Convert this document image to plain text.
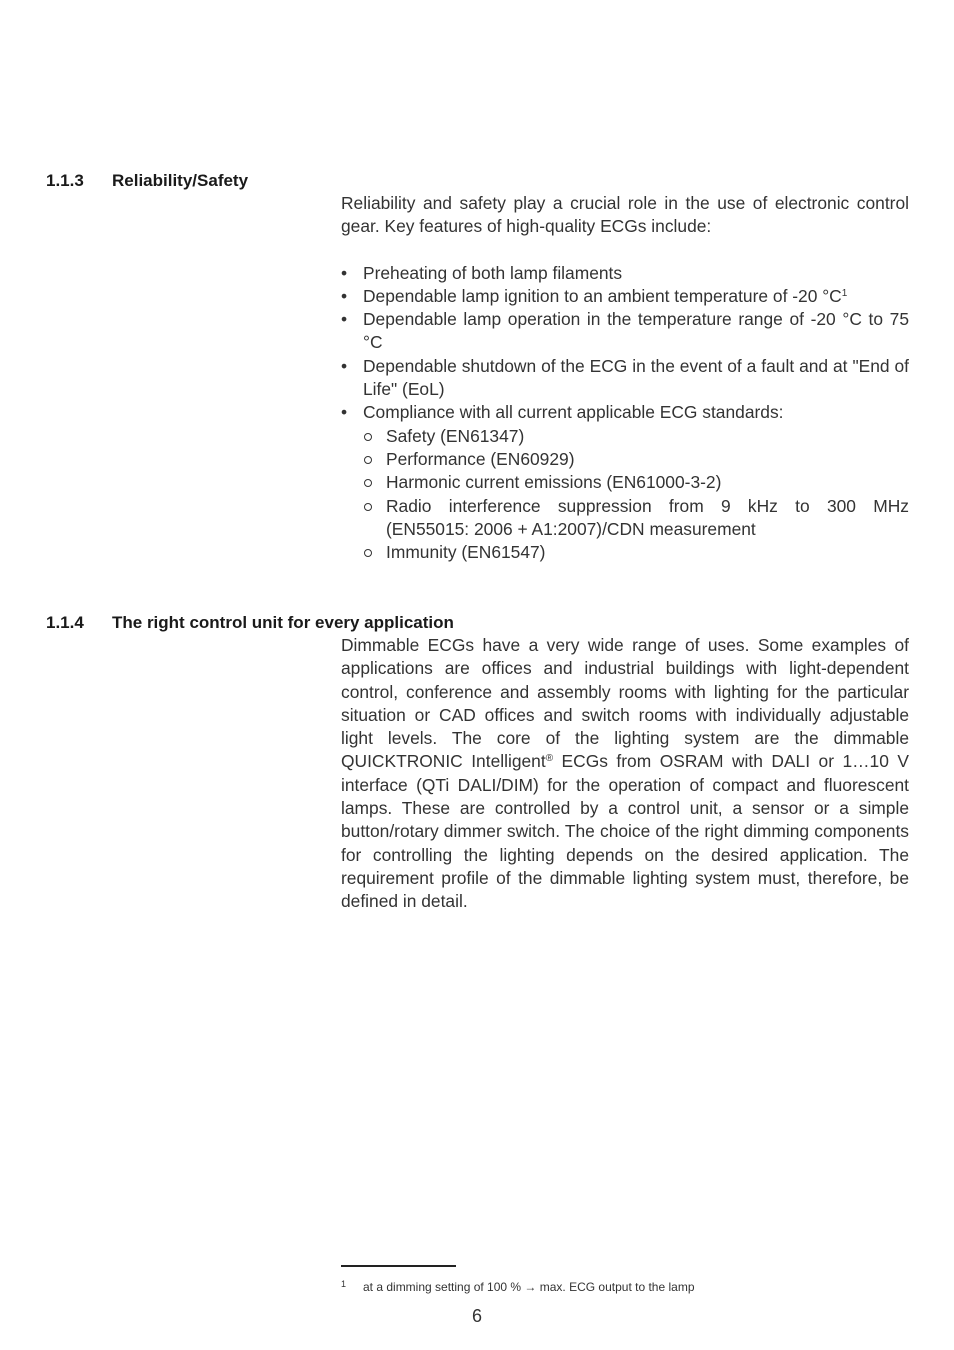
1.1.3 Reliability/Safety

Reliability and safety play a crucial role in the use of electronic control gear. Key features of high-quality ECGs include:

• Preheating of both lamp filaments
• Dependable lamp ignition to an ambient temperature of -20 $^\circ C^1$
• Dependable lamp operation in the temperature range of -20 °C to 75 °C
• Dependable shutdown of the ECG in the event of a fault and at "End of Life" (EoL)
• Compliance with all current applicable ECG standards:
Safety (EN61347)
Performance (EN60929)
Harmonic current emissions (EN61000-3-2)
Radio interference suppression from 9 kHz to 300 MHz
(EN55015: 2006 + A1:2007)/CDN measurement
Immunity (EN61547)
1.1.4 The right control unit for every application

Dimmable ECGs have a very wide range of uses. Some examples of applications are offices and industrial buildings with light-dependent control, conference and assembly rooms with lighting for the particular situation or CAD offices and switch rooms with individually adjustable light levels. The core of the lighting system are the dimmable QUICKTRONIC Intelligent® ECGs from OSRAM with DALI or 1…10 V interface (QTi DALI/DIM) for the operation of compact and fluorescent lamps. These are controlled by a control unit, a sensor or a simple button/rotary dimmer switch. The choice of the right dimming components for controlling the lighting depends on the desired application. The requirement profile of the dimmable lighting system must, therefore, be defined in detail.

1 at a dimming setting of 100 % → max. ECG output to the lamp
6
